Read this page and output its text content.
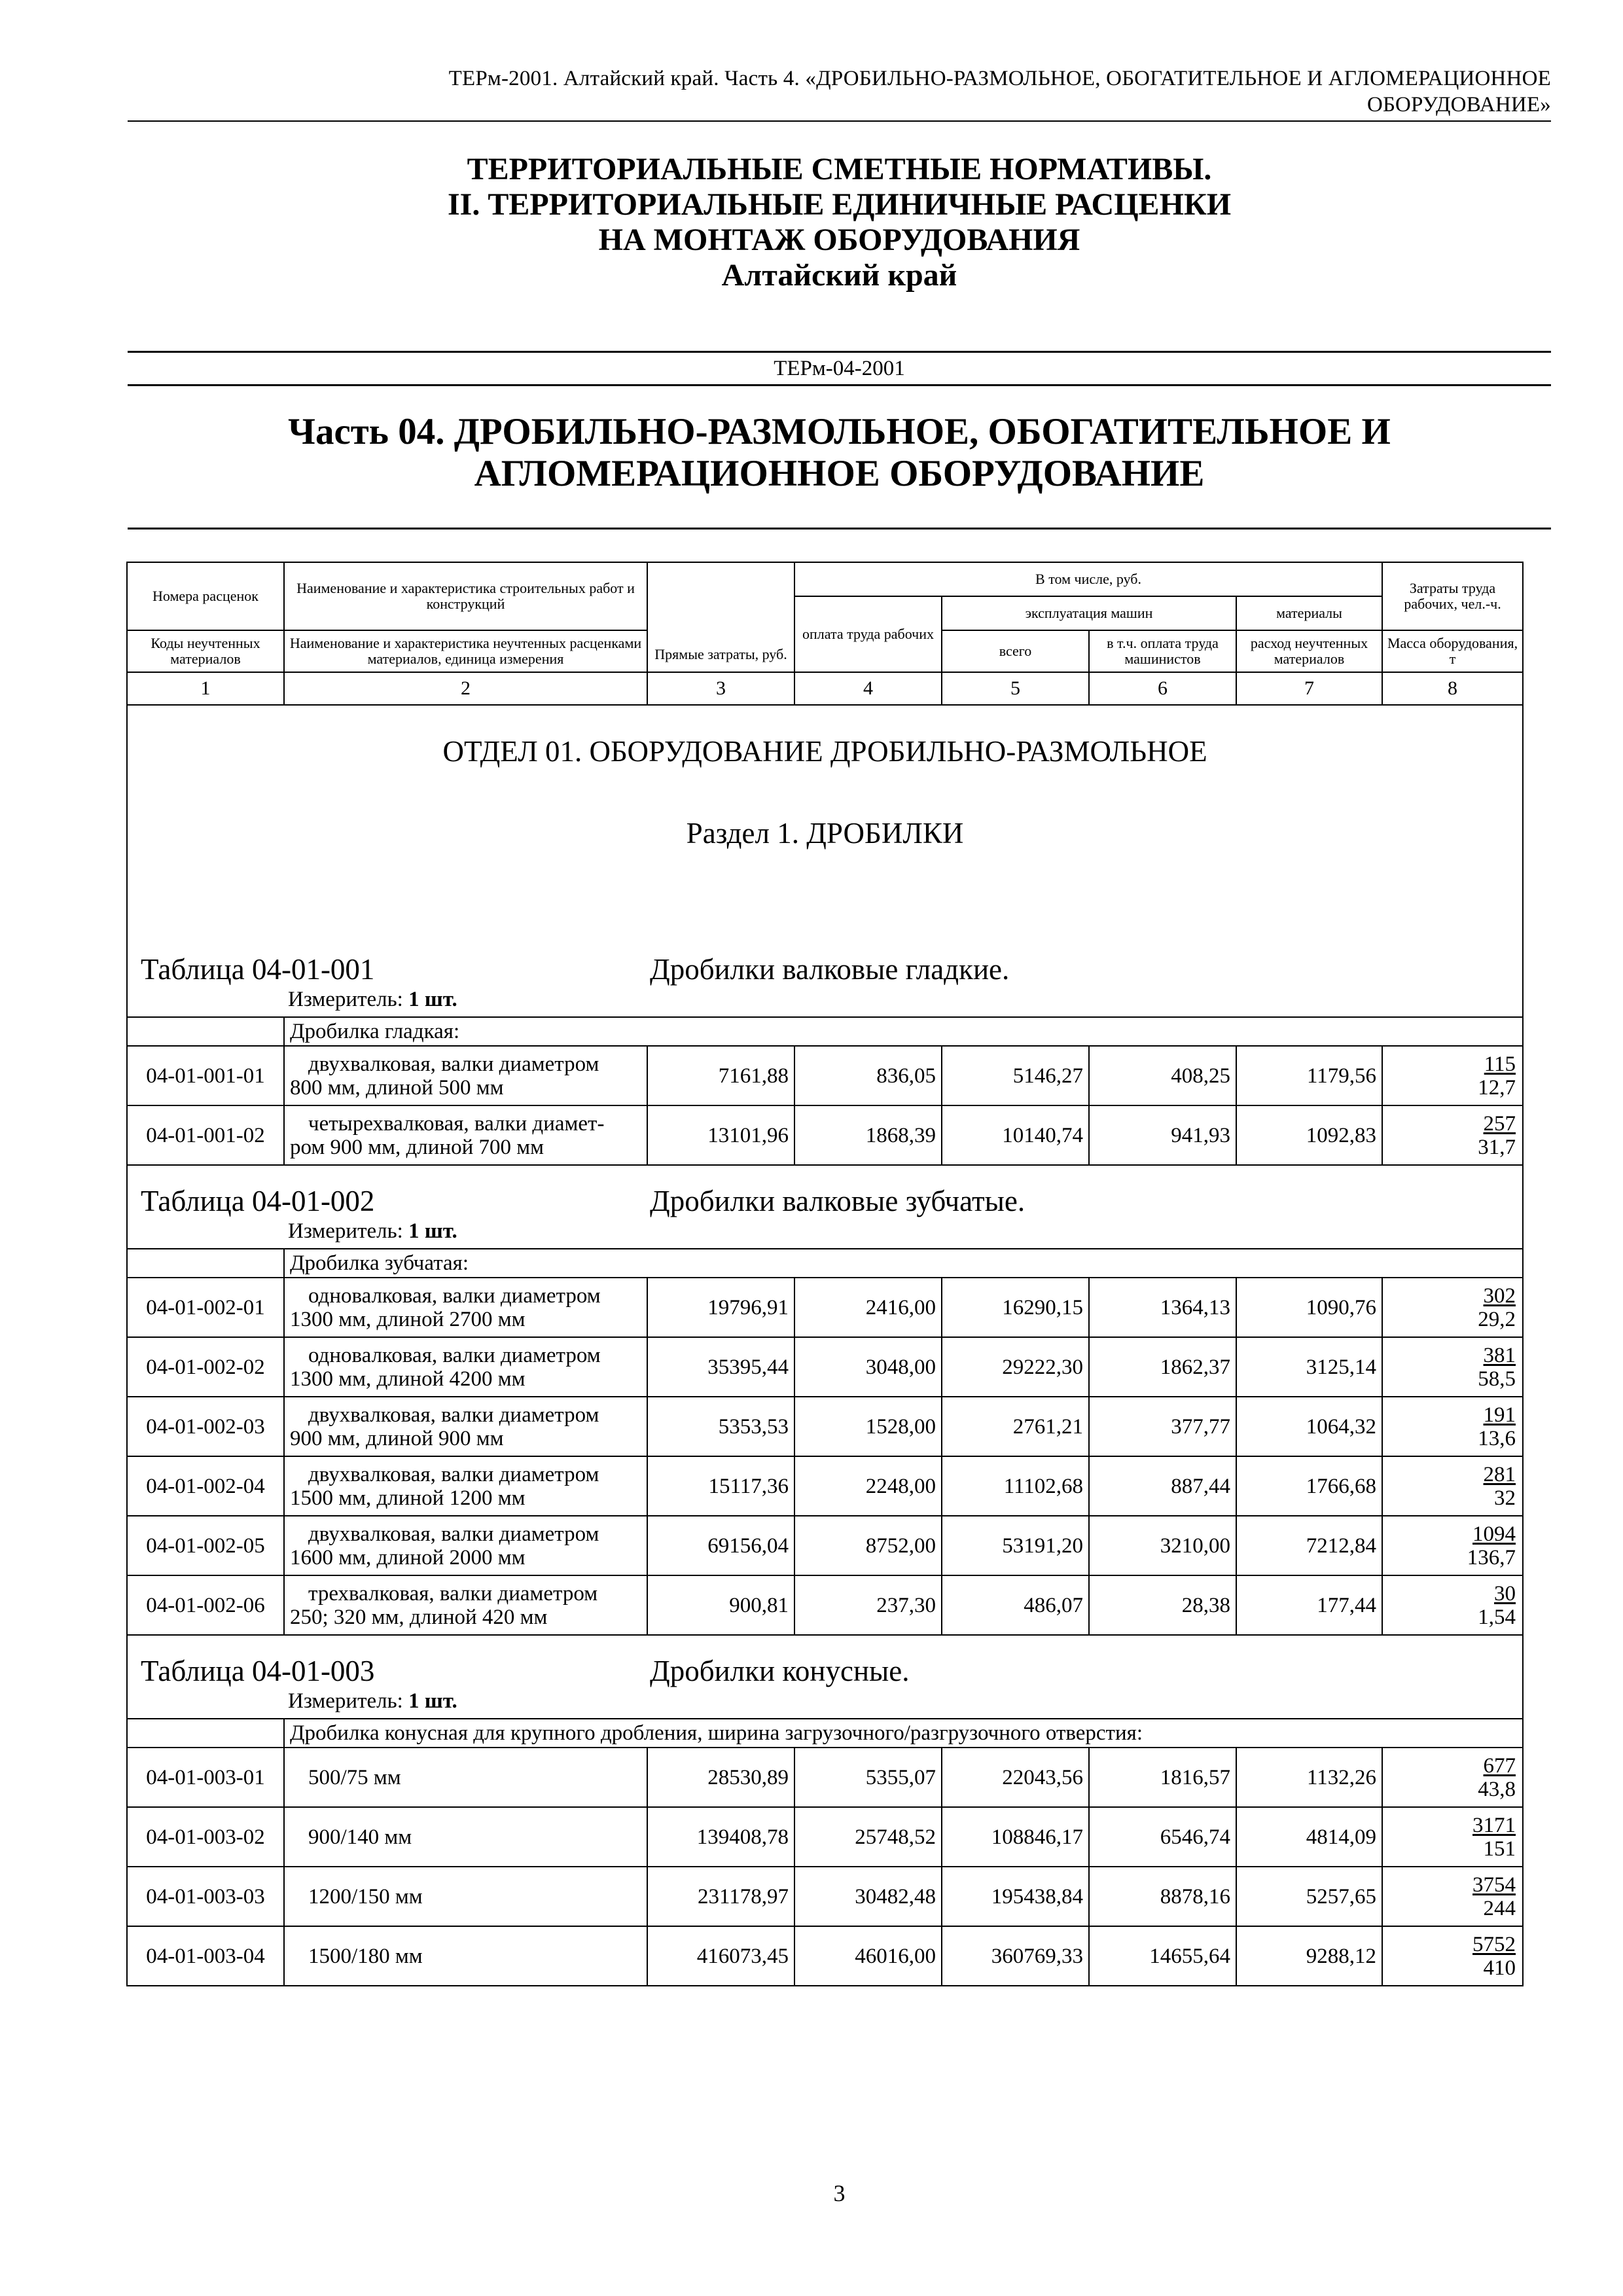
ТЕРм-2001. Алтайский край. Часть 4. «ДРОБИЛЬНО-РАЗМОЛЬНОЕ, ОБОГАТИТЕЛЬНОЕ И АГЛОМЕРАЦИОННОЕ
ОБОРУДОВАНИЕ»
ТЕРРИТОРИАЛЬНЫЕ СМЕТНЫЕ НОРМАТИВЫ.
II. ТЕРРИТОРИАЛЬНЫЕ ЕДИНИЧНЫЕ РАСЦЕНКИ
НА МОНТАЖ ОБОРУДОВАНИЯ
Алтайский край
ТЕРм-04-2001
Часть 04. ДРОБИЛЬНО-РАЗМОЛЬНОЕ, ОБОГАТИТЕЛЬНОЕ И
АГЛОМЕРАЦИОННОЕ ОБОРУДОВАНИЕ
Номера расценок	Наименование и характеристика строительных работ и конструкций	Прямые затраты, руб.	В том числе, руб.				Затраты труда рабочих, чел.-ч.
			оплата труда рабочих	эксплуатация машин		материалы	
Коды неучтенных материалов	Наименование и характеристика неучтенных расценками материалов, единица измерения			всего	в т.ч. оплата труда машинистов	расход неучтенных материалов	Масса оборудования, т
1	2	3	4	5	6	7	8
ОТДЕЛ 01. ОБОРУДОВАНИЕ ДРОБИЛЬНО-РАЗМОЛЬНОЕ							
Раздел 1. ДРОБИЛКИ							
Таблица 04-01-001 Дробилки валковые гладкие.							
Измеритель: 1 шт.							
	Дробилка гладкая:						
04-01-001-01	двухвалковая, валки диаметром
800 мм, длиной 500 мм	7161,88	836,05	5146,27	408,25	1179,56	115
12,7

04-01-001-02	четырехвалковая, валки диамет-
ром 900 мм, длиной 700 мм	13101,96	1868,39	10140,74	941,93	1092,83	257
31,7

Таблица 04-01-002 Дробилки валковые зубчатые.							
Измеритель: 1 шт.							
	Дробилка зубчатая:						
04-01-002-01	одновалковая, валки диаметром
1300 мм, длиной 2700 мм	19796,91	2416,00	16290,15	1364,13	1090,76	302
29,2

04-01-002-02	одновалковая, валки диаметром
1300 мм, длиной 4200 мм	35395,44	3048,00	29222,30	1862,37	3125,14	381
58,5

04-01-002-03	двухвалковая, валки диаметром
900 мм, длиной 900 мм	5353,53	1528,00	2761,21	377,77	1064,32	191
13,6

04-01-002-04	двухвалковая, валки диаметром
1500 мм, длиной 1200 мм	15117,36	2248,00	11102,68	887,44	1766,68	281
32

04-01-002-05	двухвалковая, валки диаметром
1600 мм, длиной 2000 мм	69156,04	8752,00	53191,20	3210,00	7212,84	1094
136,7

04-01-002-06	трехвалковая, валки диаметром
250; 320 мм, длиной 420 мм	900,81	237,30	486,07	28,38	177,44	30
1,54

Таблица 04-01-003 Дробилки конусные.							
Измеритель: 1 шт.							
	Дробилка конусная для крупного дробления, ширина загрузочного/разгрузочного отверстия:						
04-01-003-01	500/75 мм	28530,89	5355,07	22043,56	1816,57	1132,26	677
43,8

04-01-003-02	900/140 мм	139408,78	25748,52	108846,17	6546,74	4814,09	3171
151

04-01-003-03	1200/150 мм	231178,97	30482,48	195438,84	8878,16	5257,65	3754
244

04-01-003-04	1500/180 мм	416073,45	46016,00	360769,33	14655,64	9288,12	5752
410
3
